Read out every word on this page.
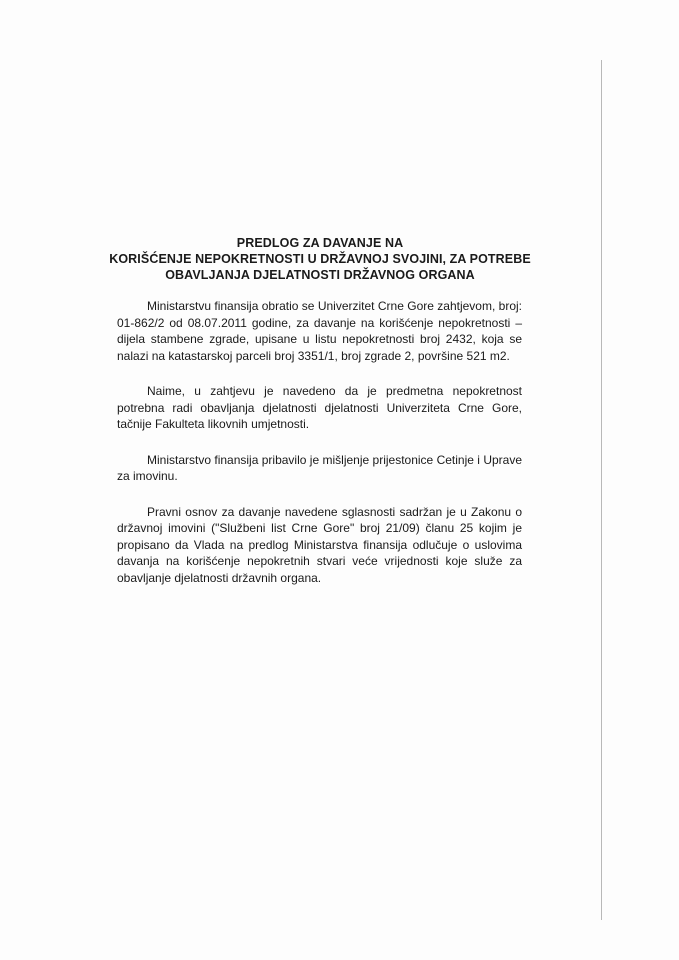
PREDLOG ZA DAVANJE NA
KORIŠĆENJE NEPOKRETNOSTI U DRŽAVNOJ SVOJINI, ZA POTREBE
OBAVLJANJA DJELATNOSTI DRŽAVNOG ORGANA

Ministarstvu finansija obratio se Univerzitet Crne Gore zahtjevom, broj: 01-862/2 od 08.07.2011 godine, za davanje na korišćenje nepokretnosti – dijela stambene zgrade, upisane u listu nepokretnosti broj 2432, koja se nalazi na katastarskoj parceli broj 3351/1, broj zgrade 2, površine 521 m2.

Naime, u zahtjevu je navedeno da je predmetna nepokretnost potrebna radi obavljanja djelatnosti djelatnosti Univerziteta Crne Gore, tačnije Fakulteta likovnih umjetnosti.

Ministarstvo finansija pribavilo je mišljenje prijestonice Cetinje i Uprave za imovinu.

Pravni osnov za davanje navedene sglasnosti sadržan je u Zakonu o državnoj imovini ("Službeni list Crne Gore" broj 21/09) članu 25 kojim je propisano da Vlada na predlog Ministarstva finansija odlučuje o uslovima davanja na korišćenje nepokretnih stvari veće vrijednosti koje služe za obavljanje djelatnosti državnih organa.
